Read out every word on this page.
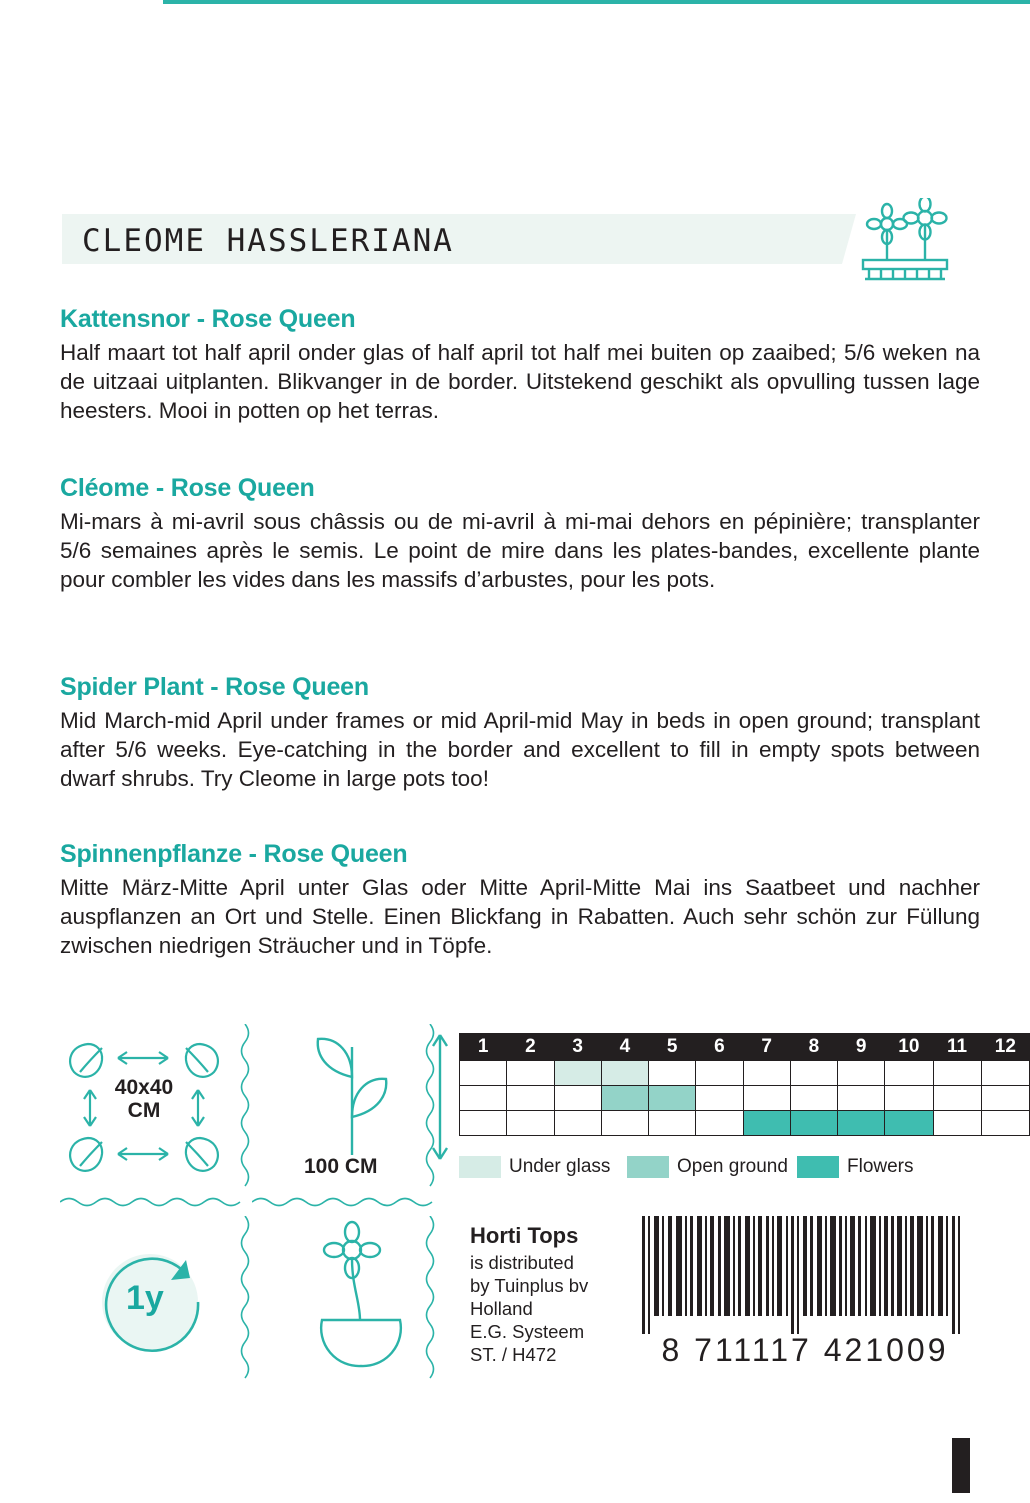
CLEOME HASSLERIANA
Kattensnor - Rose Queen

Half maart tot half april onder glas of half april tot half mei buiten op zaaibed; 5/6 weken na de uitzaai uitplanten. Blikvanger in de border. Uitstekend geschikt als opvulling tussen lage heesters. Mooi in potten op het terras.

Cléome - Rose Queen

Mi-mars à mi-avril sous châssis ou de mi-avril à mi-mai dehors en pépinière; transplanter 5/6 semaines après le semis. Le point de mire dans les plates-bandes, excellente plante pour combler les vides dans les massifs d’arbustes, pour les pots.

Spider Plant - Rose Queen

Mid March-mid April under frames or mid April-mid May in beds in open ground; transplant after 5/6 weeks. Eye-catching in the border and excellent to fill in empty spots between dwarf shrubs. Try Cleome in large pots too!

Spinnenpflanze - Rose Queen

Mitte März-Mitte April unter Glas oder Mitte April-Mitte Mai ins Saatbeet und nachher auspflanzen an Ort und Stelle. Einen Blickfang in Rabatten. Auch sehr schön zur Füllung zwischen niedrigen Sträucher und in Töpfe.

40x40
CM
100 CM
1y
1	2	3	4	5	6	7	8	9	10	11	12

Under glass	Open ground	Flowers
Horti Tops
is distributed
by Tuinplus bv
Holland
E.G. Systeem
ST. / H472	8 711117 421009
